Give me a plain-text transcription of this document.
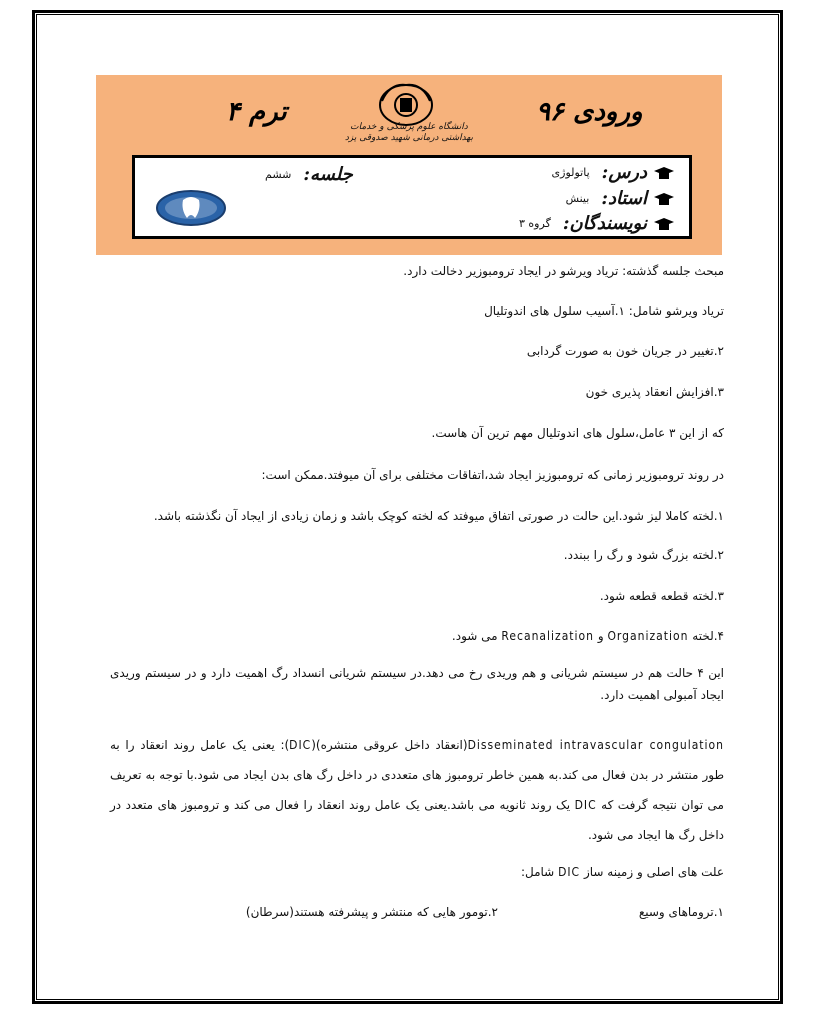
ترم ۴	ورودی ۹۶
دانشگاه علوم پزشکی و خدمات بهداشتی درمانی شهید صدوقی یزد
درس:
پاتولوژی
استاد:
بینش
نویسندگان:
گروه ۳
جلسه:
ششم
مبحث جلسه گذشته: ترياد ويرشو در ايجاد ترومبوزير دخالت دارد.
ترياد ويرشو شامل: ۱.آسيب سلول های اندوتليال
۲.تغيير در جريان خون به صورت گردابی
۳.افزايش انعقاد پذيری خون
كه از اين ۳ عامل،سلول های اندوتليال مهم ترين آن هاست.
در روند ترومبوزير زمانی كه ترومبوزيز ايجاد شد،اتفاقات مختلفی برای آن ميوفتد.ممكن است:
۱.لخته كاملا ليز شود.اين حالت در صورتی اتفاق ميوفتد كه لخته كوچک باشد و زمان زيادی از ايجاد آن نگذشته باشد.
۲.لخته بزرگ شود و رگ را ببندد.
۳.لخته قطعه قطعه شود.
۴.لخته Organization و Recanalization می شود.
اين ۴ حالت هم در سيستم شريانی و هم وريدی رخ می دهد.در سيستم شريانی انسداد رگ اهميت دارد و در سيستم وريدی ايجاد آمبولی اهميت دارد.
Disseminated intravascular congulation(انعقاد داخل عروقی منتشره)(DIC): يعنی يک عامل روند انعقاد را به طور منتشر در بدن فعال می كند.به همين خاطر ترومبوز های متعددی در داخل رگ های بدن ايجاد می شود.با توجه به تعريف می توان نتيجه گرفت كه DIC يک روند ثانويه می باشد.يعنی يک عامل روند انعقاد را فعال می كند و ترومبوز های متعدد در داخل رگ ها ايجاد می شود.
علت های اصلی و زمينه ساز DIC شامل:
۱.تروماهای وسيع
۲.تومور هايی كه منتشر و پيشرفته هستند(سرطان)
